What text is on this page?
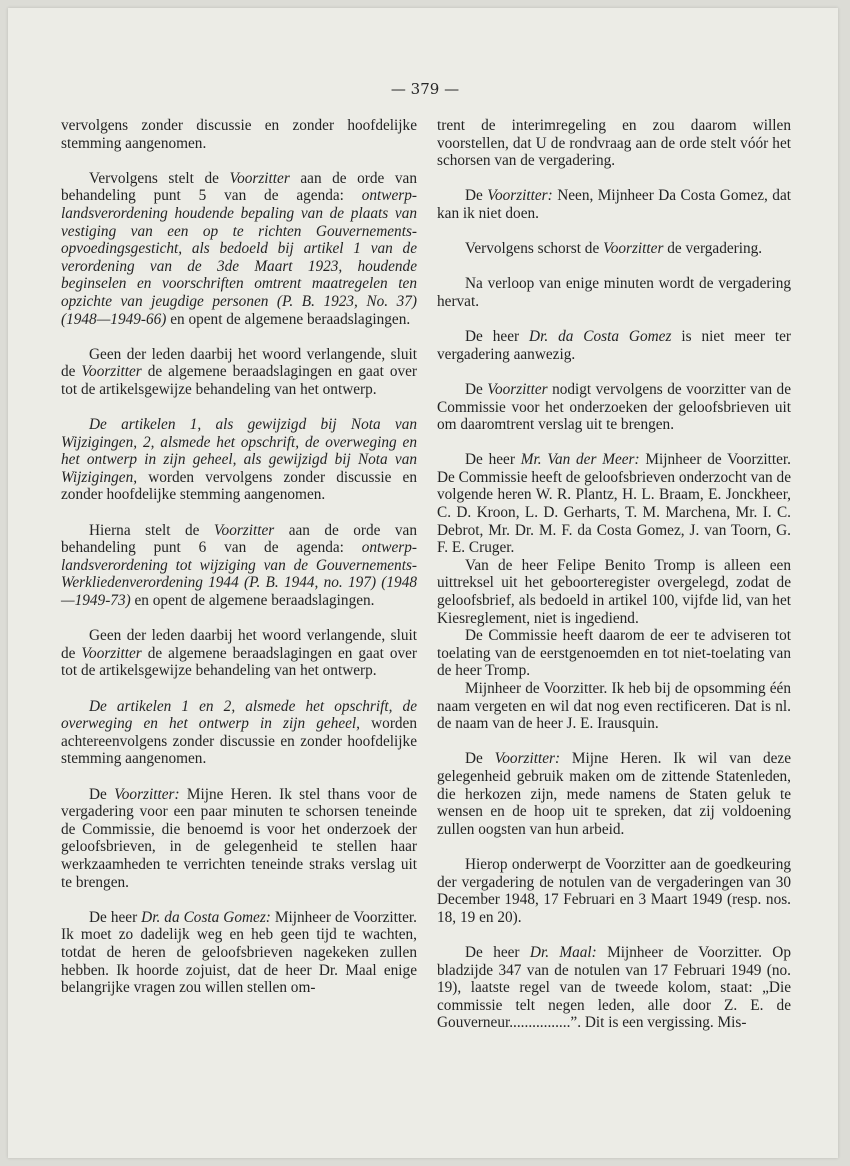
— 379 —

vervolgens zonder discussie en zonder hoofdelijke stemming aangenomen.

Vervolgens stelt de Voorzitter aan de orde van behandeling punt 5 van de agenda: ontwerp-landsverordening houdende bepaling van de plaats van vestiging van een op te richten Gouvernements-opvoedingsgesticht, als bedoeld bij artikel 1 van de verordening van de 3de Maart 1923, houdende beginselen en voorschriften omtrent maatregelen ten opzichte van jeugdige personen (P. B. 1923, No. 37) (1948—1949-66) en opent de algemene beraadslagingen.

Geen der leden daarbij het woord verlangende, sluit de Voorzitter de algemene beraadslagingen en gaat over tot de artikelsgewijze behandeling van het ontwerp.

De artikelen 1, als gewijzigd bij Nota van Wijzigingen, 2, alsmede het opschrift, de overweging en het ontwerp in zijn geheel, als gewijzigd bij Nota van Wijzigingen, worden vervolgens zonder discussie en zonder hoofdelijke stemming aangenomen.

Hierna stelt de Voorzitter aan de orde van behandeling punt 6 van de agenda: ontwerp-landsverordening tot wijziging van de Gouvernements-Werkliedenverordening 1944 (P. B. 1944, no. 197) (1948—1949-73) en opent de algemene beraadslagingen.

Geen der leden daarbij het woord verlangende, sluit de Voorzitter de algemene beraadslagingen en gaat over tot de artikelsgewijze behandeling van het ontwerp.

De artikelen 1 en 2, alsmede het opschrift, de overweging en het ontwerp in zijn geheel, worden achtereenvolgens zonder discussie en zonder hoofdelijke stemming aangenomen.

De Voorzitter: Mijne Heren. Ik stel thans voor de vergadering voor een paar minuten te schorsen teneinde de Commissie, die benoemd is voor het onderzoek der geloofsbrieven, in de gelegenheid te stellen haar werkzaamheden te verrichten teneinde straks verslag uit te brengen.

De heer Dr. da Costa Gomez: Mijnheer de Voorzitter. Ik moet zo dadelijk weg en heb geen tijd te wachten, totdat de heren de geloofsbrieven nagekeken zullen hebben. Ik hoorde zojuist, dat de heer Dr. Maal enige belangrijke vragen zou willen stellen om-

trent de interimregeling en zou daarom willen voorstellen, dat U de rondvraag aan de orde stelt vóór het schorsen van de vergadering.

De Voorzitter: Neen, Mijnheer Da Costa Gomez, dat kan ik niet doen.

Vervolgens schorst de Voorzitter de vergadering.

Na verloop van enige minuten wordt de vergadering hervat.

De heer Dr. da Costa Gomez is niet meer ter vergadering aanwezig.

De Voorzitter nodigt vervolgens de voorzitter van de Commissie voor het onderzoeken der geloofsbrieven uit om daaromtrent verslag uit te brengen.

De heer Mr. Van der Meer: Mijnheer de Voorzitter. De Commissie heeft de geloofsbrieven onderzocht van de volgende heren W. R. Plantz, H. L. Braam, E. Jonckheer, C. D. Kroon, L. D. Gerharts, T. M. Marchena, Mr. I. C. Debrot, Mr. Dr. M. F. da Costa Gomez, J. van Toorn, G. F. E. Cruger.

Van de heer Felipe Benito Tromp is alleen een uittreksel uit het geboorteregister overgelegd, zodat de geloofsbrief, als bedoeld in artikel 100, vijfde lid, van het Kiesreglement, niet is ingediend.

De Commissie heeft daarom de eer te adviseren tot toelating van de eerstgenoemden en tot niet-toelating van de heer Tromp.

Mijnheer de Voorzitter. Ik heb bij de opsomming één naam vergeten en wil dat nog even rectificeren. Dat is nl. de naam van de heer J. E. Irausquin.

De Voorzitter: Mijne Heren. Ik wil van deze gelegenheid gebruik maken om de zittende Statenleden, die herkozen zijn, mede namens de Staten geluk te wensen en de hoop uit te spreken, dat zij voldoening zullen oogsten van hun arbeid.

Hierop onderwerpt de Voorzitter aan de goedkeuring der vergadering de notulen van de vergaderingen van 30 December 1948, 17 Februari en 3 Maart 1949 (resp. nos. 18, 19 en 20).

De heer Dr. Maal: Mijnheer de Voorzitter. Op bladzijde 347 van de notulen van 17 Februari 1949 (no. 19), laatste regel van de tweede kolom, staat: „Die commissie telt negen leden, alle door Z. E. de Gouverneur................”. Dit is een vergissing. Mis-
